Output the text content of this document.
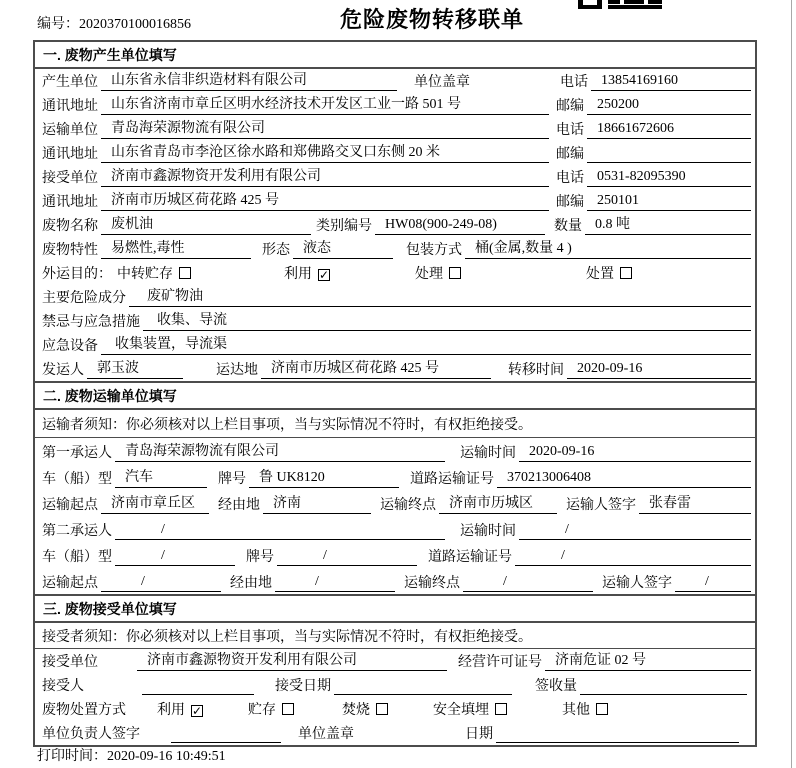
编号：2020370100016856	危险废物转移联单
一. 废物产生单位填写
产生单位 山东省永信非织造材料有限公司	单位盖章	电话 13854169160
通讯地址 山东省济南市章丘区明水经济技术开发区工业一路 501 号	邮编 250200
运输单位 青岛海荣源物流有限公司	电话 18661672606
通讯地址 山东省青岛市李沧区徐水路和郑佛路交叉口东侧 20 米	邮编
接受单位 济南市鑫源物资开发利用有限公司	电话 0531-82095390
通讯地址 济南市历城区荷花路 425 号	邮编 250101
废物名称 废机油	类别编号 HW08(900-249-08)	数量 0.8 吨
废物特性 易燃性,毒性	形态 液态	包装方式 桶(金属,数量 4 )
外运目的： 中转贮存	利用 ✓	处理	处置
主要危险成分	废矿物油
禁忌与应急措施	收集、导流
应急设备	收集装置，导流渠
发运人 郭玉波	运达地 济南市历城区荷花路 425 号	转移时间 2020-09-16
二. 废物运输单位填写
运输者须知：你必须核对以上栏目事项，当与实际情况不符时，有权拒绝接受。
第一承运人 青岛海荣源物流有限公司	运输时间 2020-09-16
车（船）型 汽车	牌号 鲁 UK8120	道路运输证号 370213006408
运输起点 济南市章丘区	经由地 济南	运输终点 济南市历城区	运输人签字 张春雷
第二承运人	/	运输时间	/
车（船）型	/	牌号	/	道路运输证号	/
运输起点	/	经由地	/	运输终点	/	运输人签字	/
三. 废物接受单位填写
接受者须知：你必须核对以上栏目事项，当与实际情况不符时，有权拒绝接受。
接受单位	济南市鑫源物资开发利用有限公司	经营许可证号 济南危证 02 号
接受人	接受日期	签收量
废物处置方式 利用 ✓	贮存	焚烧	安全填埋	其他
单位负责人签字	单位盖章	日期
打印时间：2020-09-16 10:49:51
